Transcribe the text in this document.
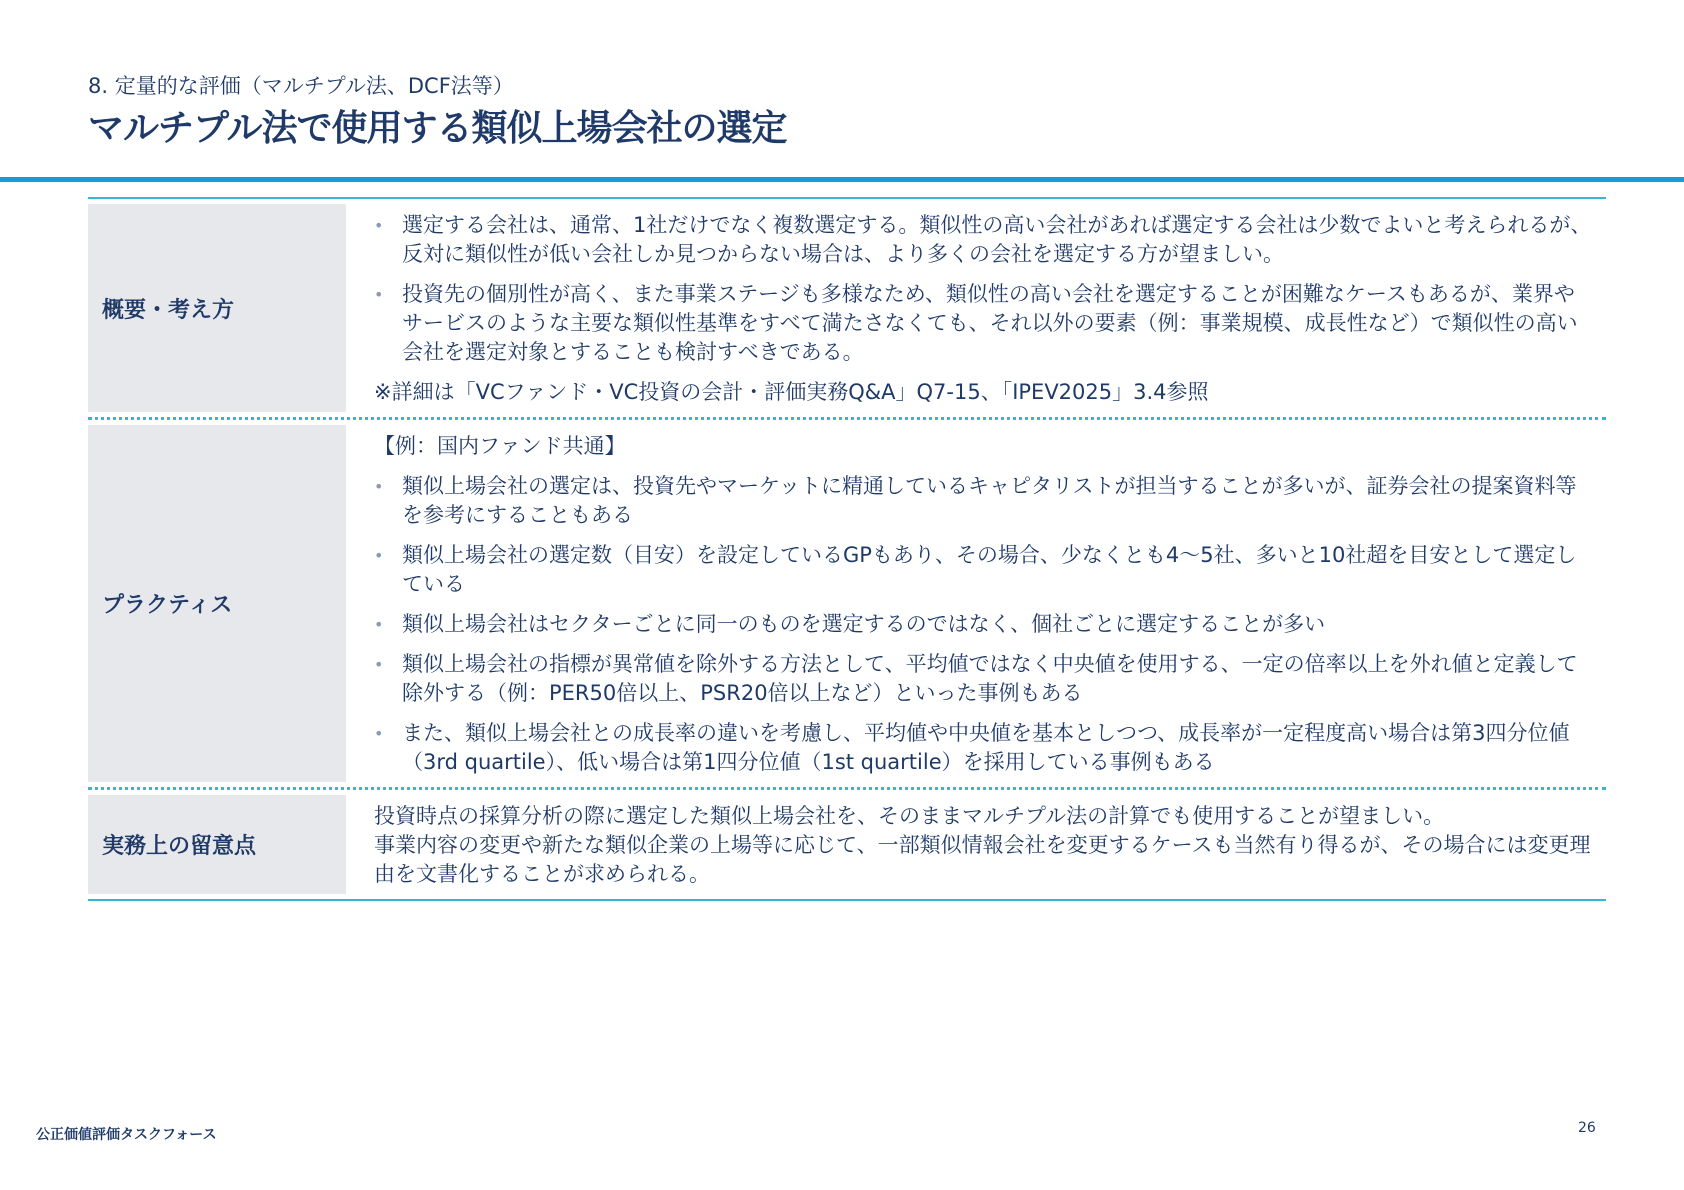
8. 定量的な評価（マルチプル法、DCF法等）
マルチプル法で使用する類似上場会社の選定
概要・考え方
• 選定する会社は、通常、1社だけでなく複数選定する。類似性の高い会社があれば選定する会社は少数でよいと考えられるが、反対に類似性が低い会社しか見つからない場合は、より多くの会社を選定する方が望ましい。
• 投資先の個別性が高く、また事業ステージも多様なため、類似性の高い会社を選定することが困難なケースもあるが、業界やサービスのような主要な類似性基準をすべて満たさなくても、それ以外の要素（例：事業規模、成長性など）で類似性の高い会社を選定対象とすることも検討すべきである。
※詳細は「VCファンド・VC投資の会計・評価実務Q&A」Q7-15、「IPEV2025」3.4参照
プラクティス
【例：国内ファンド共通】
• 類似上場会社の選定は、投資先やマーケットに精通しているキャピタリストが担当することが多いが、証券会社の提案資料等を参考にすることもある
• 類似上場会社の選定数（目安）を設定しているGPもあり、その場合、少なくとも4～5社、多いと10社超を目安として選定している
• 類似上場会社はセクターごとに同一のものを選定するのではなく、個社ごとに選定することが多い
• 類似上場会社の指標が異常値を除外する方法として、平均値ではなく中央値を使用する、一定の倍率以上を外れ値と定義して除外する（例：PER50倍以上、PSR20倍以上など）といった事例もある
• また、類似上場会社との成長率の違いを考慮し、平均値や中央値を基本としつつ、成長率が一定程度高い場合は第3四分位値（3rd quartile）、低い場合は第1四分位値（1st quartile）を採用している事例もある
実務上の留意点
投資時点の採算分析の際に選定した類似上場会社を、そのままマルチプル法の計算でも使用することが望ましい。
事業内容の変更や新たな類似企業の上場等に応じて、一部類似情報会社を変更するケースも当然有り得るが、その場合には変更理由を文書化することが求められる。
公正価値評価タスクフォース	26
